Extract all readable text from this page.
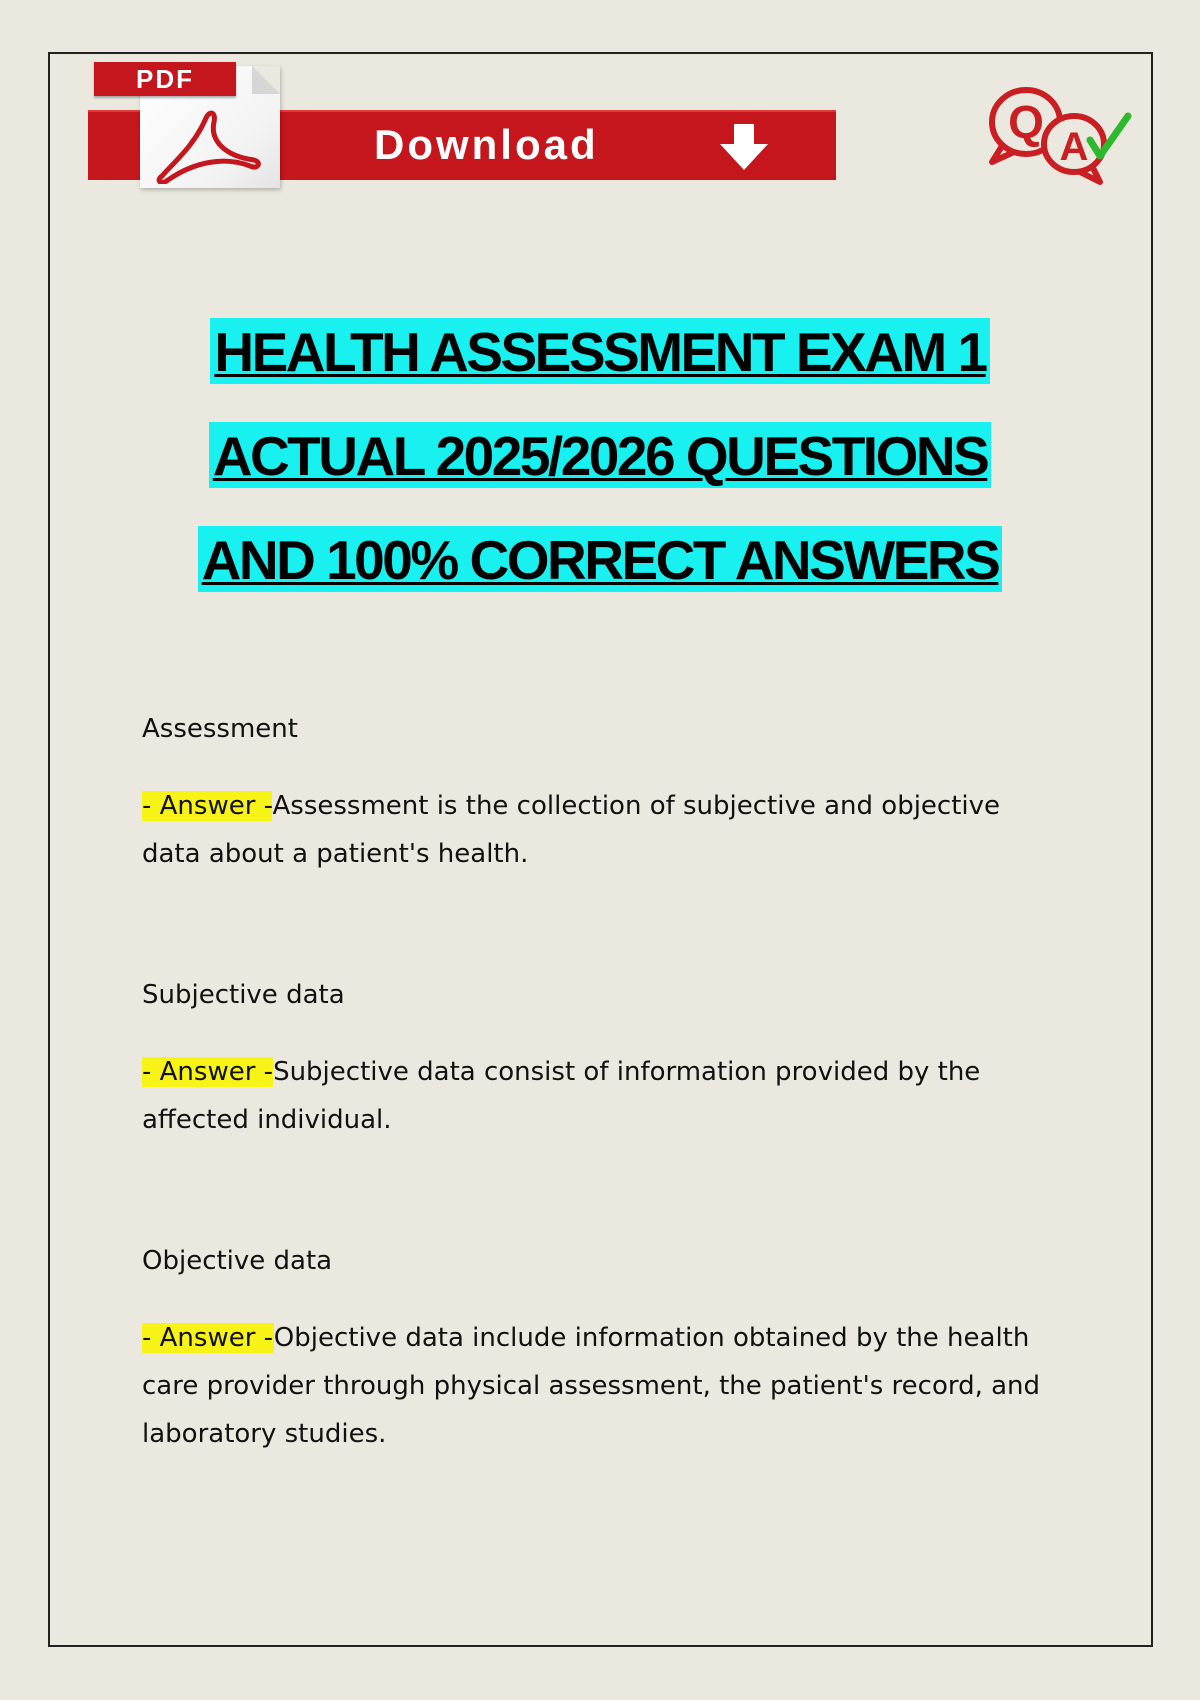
PDF
Download	Q A
HEALTH ASSESSMENT EXAM 1
ACTUAL 2025/2026 QUESTIONS
AND 100% CORRECT ANSWERS

Assessment

- Answer -Assessment is the collection of subjective and objective data about a patient's health.

Subjective data

- Answer -Subjective data consist of information provided by the affected individual.

Objective data

- Answer -Objective data include information obtained by the health care provider through physical assessment, the patient's record, and laboratory studies.
